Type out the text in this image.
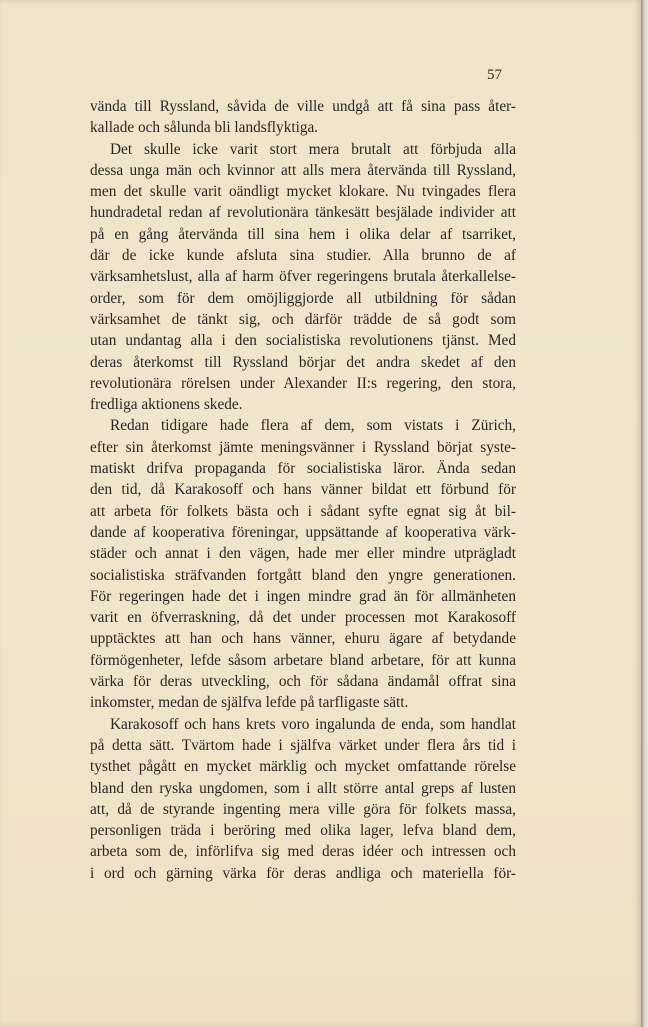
57
vända till Ryssland, såvida de ville undgå att få sina pass åter-
kallade och sålunda bli landsflyktiga.
Det skulle icke varit stort mera brutalt att förbjuda alla
dessa unga män och kvinnor att alls mera återvända till Ryssland,
men det skulle varit oändligt mycket klokare. Nu tvingades flera
hundradetal redan af revolutionära tänkesätt besjälade individer att
på en gång återvända till sina hem i olika delar af tsarriket,
där de icke kunde afsluta sina studier. Alla brunno de af
värksamhetslust, alla af harm öfver regeringens brutala återkallelse-
order, som för dem omöjliggjorde all utbildning för sådan
värksamhet de tänkt sig, och därför trädde de så godt som
utan undantag alla i den socialistiska revolutionens tjänst. Med
deras återkomst till Ryssland börjar det andra skedet af den
revolutionära rörelsen under Alexander II:s regering, den stora,
fredliga aktionens skede.
Redan tidigare hade flera af dem, som vistats i Zürich,
efter sin återkomst jämte meningsvänner i Ryssland börjat syste-
matiskt drifva propaganda för socialistiska läror. Ända sedan
den tid, då Karakosoff och hans vänner bildat ett förbund för
att arbeta för folkets bästa och i sådant syfte egnat sig åt bil-
dande af kooperativa föreningar, uppsättande af kooperativa värk-
städer och annat i den vägen, hade mer eller mindre utprägladt
socialistiska sträfvanden fortgått bland den yngre generationen.
För regeringen hade det i ingen mindre grad än för allmänheten
varit en öfverraskning, då det under processen mot Karakosoff
upptäcktes att han och hans vänner, ehuru ägare af betydande
förmögenheter, lefde såsom arbetare bland arbetare, för att kunna
värka för deras utveckling, och för sådana ändamål offrat sina
inkomster, medan de själfva lefde på tarfligaste sätt.
Karakosoff och hans krets voro ingalunda de enda, som handlat
på detta sätt. Tvärtom hade i själfva värket under flera års tid i
tysthet pågått en mycket märklig och mycket omfattande rörelse
bland den ryska ungdomen, som i allt större antal greps af lusten
att, då de styrande ingenting mera ville göra för folkets massa,
personligen träda i beröring med olika lager, lefva bland dem,
arbeta som de, införlifva sig med deras idéer och intressen och
i ord och gärning värka för deras andliga och materiella för-
